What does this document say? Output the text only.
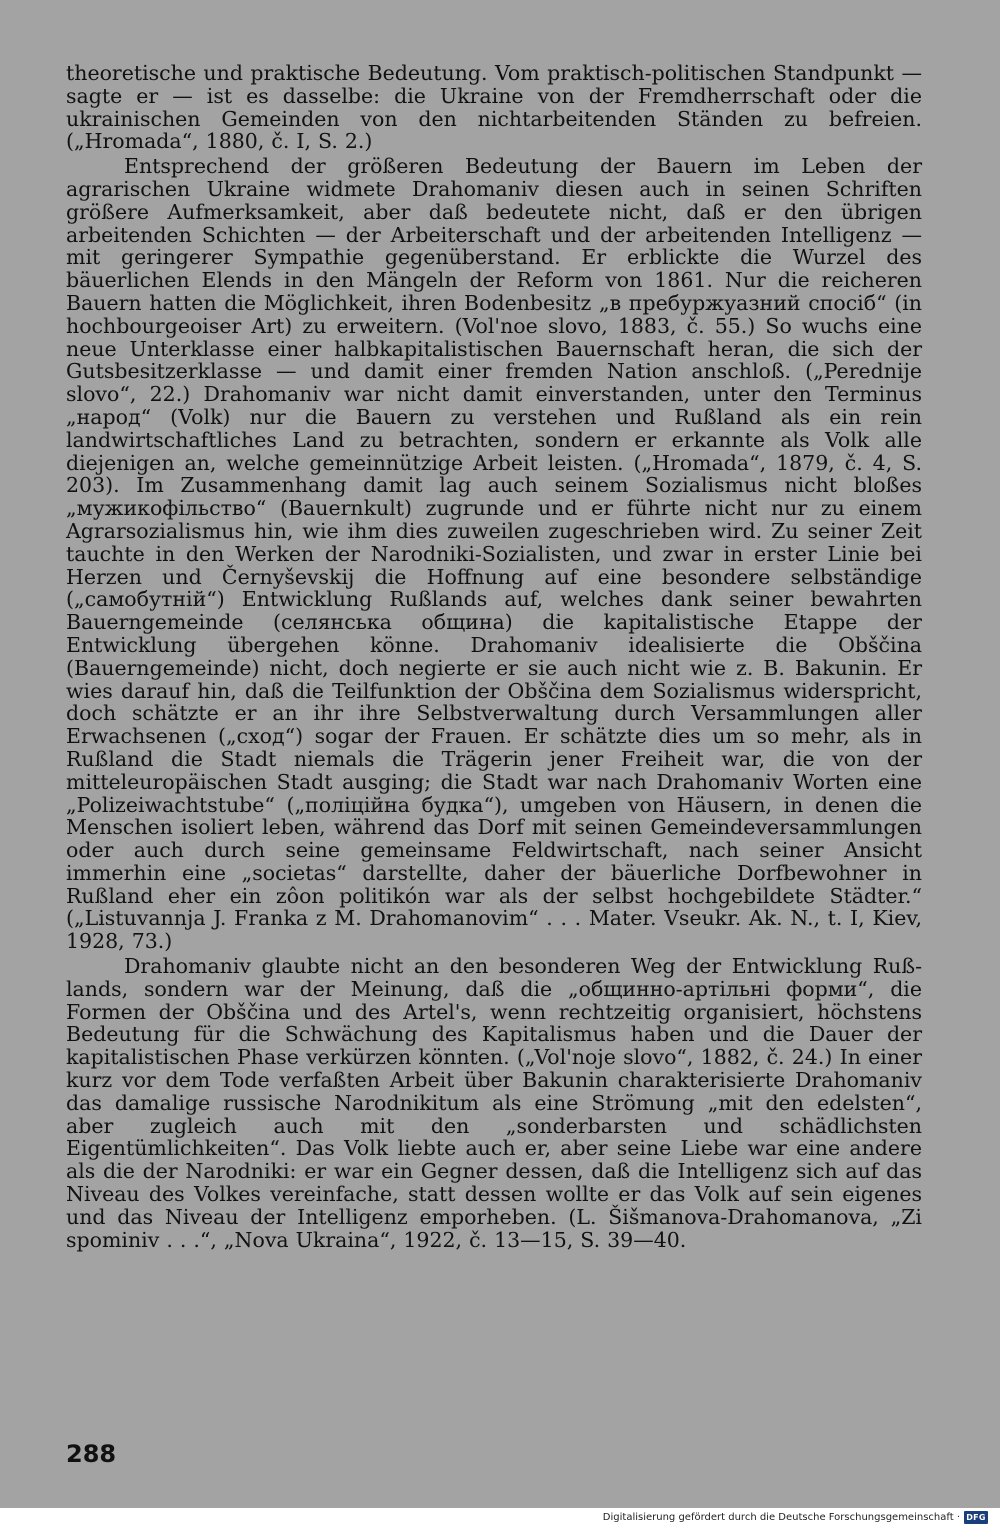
theoretische und praktische Bedeutung. Vom praktisch-politischen Standpunkt — sagte er — ist es dasselbe: die Ukraine von der Fremdherrschaft oder die ukrainischen Gemeinden von den nichtarbeitenden Ständen zu befreien. („Hromada“, 1880, č. I, S. 2.)

Entsprechend der größeren Bedeutung der Bauern im Leben der agrarischen Ukraine widmete Drahomaniv diesen auch in seinen Schriften größere Aufmerksamkeit, aber daß bedeutete nicht, daß er den übrigen arbeitenden Schichten — der Arbeiterschaft und der arbeitenden Intelligenz — mit geringerer Sympathie gegenüberstand. Er erblickte die Wurzel des bäuerlichen Elends in den Mängeln der Reform von 1861. Nur die reicheren Bauern hatten die Möglichkeit, ihren Bodenbesitz „в пребуржуазний спосіб“ (in hochbourgeoiser Art) zu erweitern. (Vol'noe slovo, 1883, č. 55.) So wuchs eine neue Unterklasse einer halbkapitalistischen Bauernschaft heran, die sich der Gutsbesitzerklasse — und damit einer fremden Nation anschloß. („Perednije slovo“, 22.) Drahomaniv war nicht damit einverstanden, unter den Terminus „народ“ (Volk) nur die Bauern zu verstehen und Rußland als ein rein landwirtschaftliches Land zu betrachten, sondern er erkannte als Volk alle diejenigen an, welche gemeinnützige Arbeit leisten. („Hromada“, 1879, č. 4, S. 203). Im Zusammenhang damit lag auch seinem Sozialismus nicht bloßes „мужикофільство“ (Bauernkult) zugrunde und er führte nicht nur zu einem Agrarsozialismus hin, wie ihm dies zuweilen zugeschrieben wird. Zu seiner Zeit tauchte in den Werken der Narodniki-Sozialisten, und zwar in erster Linie bei Herzen und Černyševskij die Hoffnung auf eine besondere selbständige („самобутній“) Entwicklung Rußlands auf, welches dank seiner bewahrten Bauerngemeinde (селянська община) die kapitalistische Etappe der Entwicklung übergehen könne. Drahomaniv idealisierte die Obščina (Bauerngemeinde) nicht, doch negierte er sie auch nicht wie z. B. Bakunin. Er wies darauf hin, daß die Teilfunktion der Obščina dem Sozialismus widerspricht, doch schätzte er an ihr ihre Selbstverwaltung durch Versammlungen aller Erwachsenen („сход“) sogar der Frauen. Er schätzte dies um so mehr, als in Rußland die Stadt niemals die Trägerin jener Freiheit war, die von der mitteleuropäischen Stadt ausging; die Stadt war nach Drahomaniv Worten eine „Polizeiwachtstube“ („поліційна будка“), umgeben von Häusern, in denen die Menschen isoliert leben, während das Dorf mit seinen Gemeindeversammlungen oder auch durch seine gemeinsame Feldwirtschaft, nach seiner Ansicht immerhin eine „societas“ darstellte, daher der bäuerliche Dorfbewohner in Rußland eher ein zôon politikón war als der selbst hochgebildete Städter.“ („Listuvannja J. Franka z M. Drahomanovim“ . . . Mater. Vseukr. Ak. N., t. I, Kiev, 1928, 73.)

Drahomaniv glaubte nicht an den besonderen Weg der Entwicklung Rußlands, sondern war der Meinung, daß die „общинно-артільні форми“, die Formen der Obščina und des Artel's, wenn rechtzeitig organisiert, höchstens Bedeutung für die Schwächung des Kapitalismus haben und die Dauer der kapitalistischen Phase verkürzen könnten. („Vol'noje slovo“, 1882, č. 24.) In einer kurz vor dem Tode verfaßten Arbeit über Bakunin charakterisierte Drahomaniv das damalige russische Narodnikitum als eine Strömung „mit den edelsten“, aber zugleich auch mit den „sonderbarsten und schädlichsten Eigentümlichkeiten“. Das Volk liebte auch er, aber seine Liebe war eine andere als die der Narodniki: er war ein Gegner dessen, daß die Intelligenz sich auf das Niveau des Volkes vereinfache, statt dessen wollte er das Volk auf sein eigenes und das Niveau der Intelligenz emporheben. (L. Šišmanova-Drahomanova, „Zi spominiv . . .“, „Nova Ukraina“, 1922, č. 13—15, S. 39—40.

288
Digitalisierung gefördert durch die Deutsche Forschungsgemeinschaft · DFG
